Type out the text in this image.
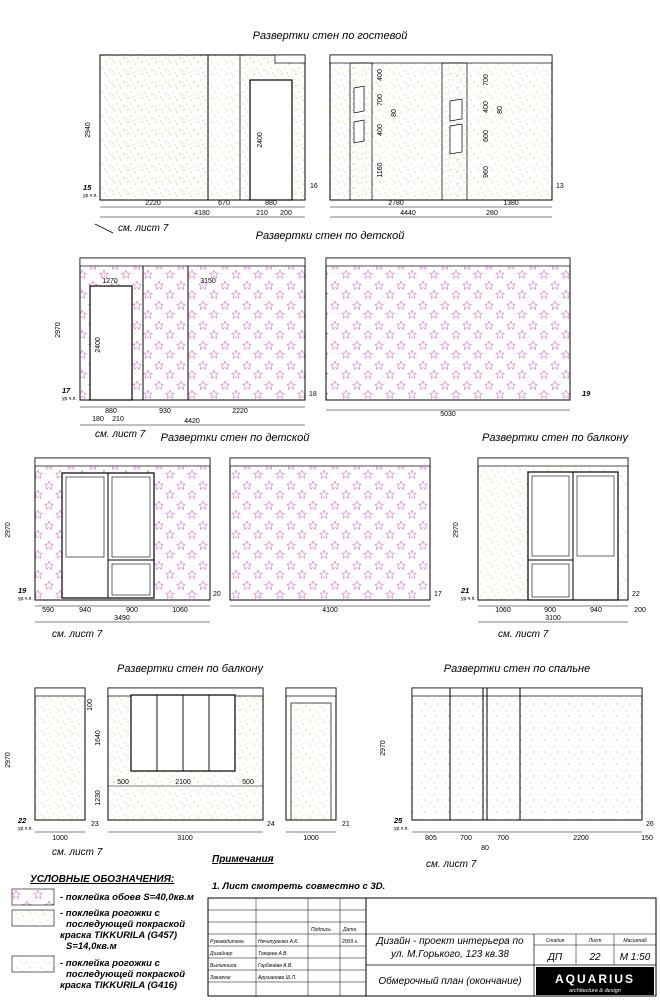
Развертки стен по гостевой
2940
2400
15
ур.ч.п.
16
2220	670	880
4180	210 200
400
700
400
1160
80
700
400
600
960
80
13
2780	1380
4440	280
см. лист 7
Развертки стен по детской
1270	3150
2970
2400
17
ур.ч.п.
18
880	930	2220
180 210	4420
см. лист 7
19
5030
Развертки стен по детской
2970
19
ур.ч.п.
20
590	940	900	1060
3490
см. лист 7
17
4100
Развертки стен по балкону
2970
21
ур.ч.п.
22
1060	900	940	200
3100
см. лист 7
Развертки стен по балкону
2970
100
1640
1230
500	2100	500
22
ур.ч.п.
23	24	21
1000	3100	1000
см. лист 7
Развертки стен по спальне
2970
25
ур.ч.п.
26
805	700	700	2200	150
80
см. лист 7
УСЛОВНЫЕ ОБОЗНАЧЕНИЯ:
- поклейка обоев S=40,0кв.м
- поклейка рогожки с
последующей покраской
краска TIKKURILA (G457)
S=14,0кв.м
- поклейка рогожки с
последующей покраской
краска TIKKURILA (G416)
Примечания
1. Лист смотреть совместно с 3D.
Подпись Дата
Руководитель	Нечипуренко А.К.	2009 г.
Дизайнер	Токарев А.В.
Выполнила	Горбачёва А.В.
Заказчик	Арушанова Ш.Л.
Дизайн - проект интерьера по
ул. М.Горького, 123 кв.38
Обмерочный план (окончание)
Стадия	Лист	Масштаб
ДП	22 М 1:50
AQUARIUS
architecture & design
